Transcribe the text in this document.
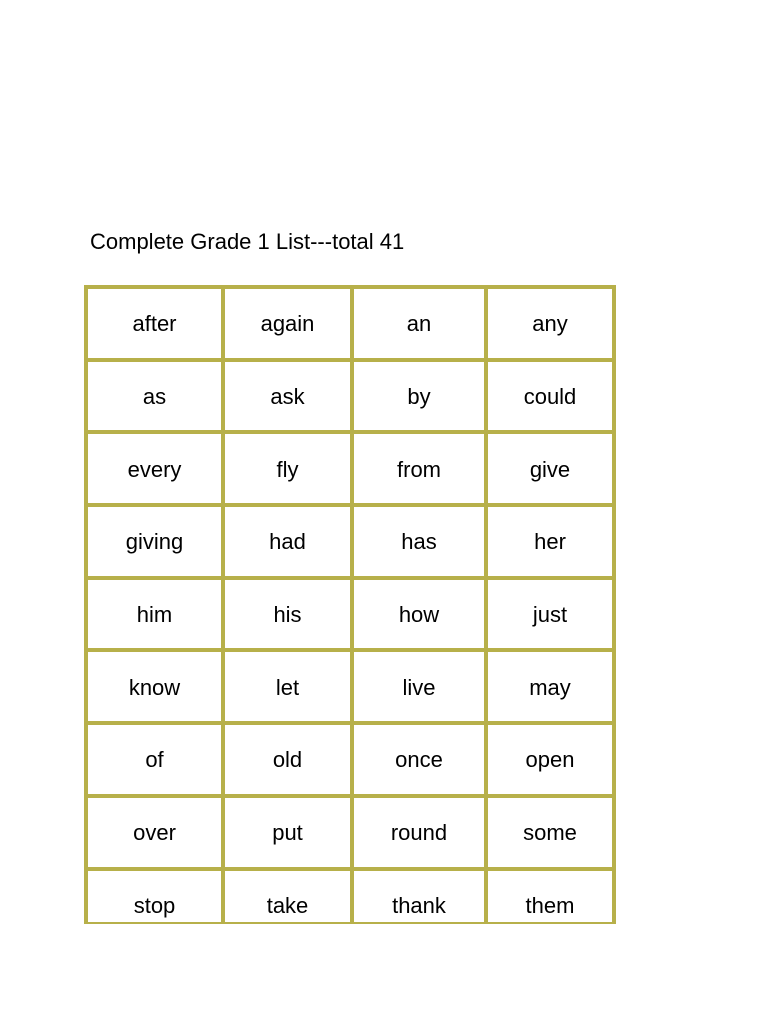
Complete Grade 1 List---total 41
after	again	an	any
as	ask	by	could
every	fly	from	give
giving	had	has	her
him	his	how	just
know	let	live	may
of	old	once	open
over	put	round	some
stop	take	thank	them
